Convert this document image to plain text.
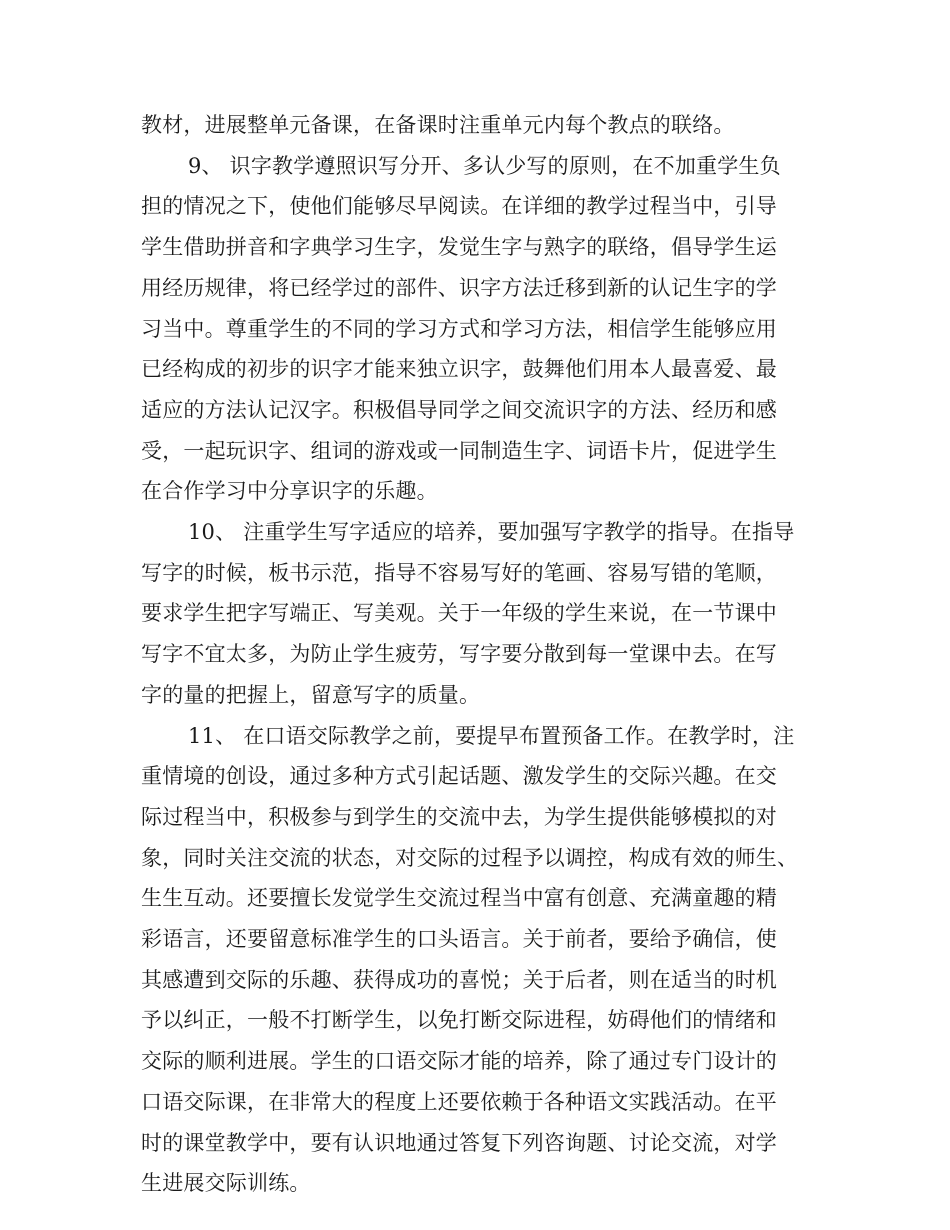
教材，进展整单元备课，在备课时注重单元内每个教点的联络。
9、 识字教学遵照识写分开、多认少写的原则，在不加重学生负
担的情况之下，使他们能够尽早阅读。在详细的教学过程当中，引导
学生借助拼音和字典学习生字，发觉生字与熟字的联络，倡导学生运
用经历规律，将已经学过的部件、识字方法迁移到新的认记生字的学
习当中。尊重学生的不同的学习方式和学习方法，相信学生能够应用
已经构成的初步的识字才能来独立识字，鼓舞他们用本人最喜爱、最
适应的方法认记汉字。积极倡导同学之间交流识字的方法、经历和感
受，一起玩识字、组词的游戏或一同制造生字、词语卡片，促进学生
在合作学习中分享识字的乐趣。
10、 注重学生写字适应的培养，要加强写字教学的指导。在指导
写字的时候，板书示范，指导不容易写好的笔画、容易写错的笔顺，
要求学生把字写端正、写美观。关于一年级的学生来说，在一节课中
写字不宜太多，为防止学生疲劳，写字要分散到每一堂课中去。在写
字的量的把握上，留意写字的质量。
11、 在口语交际教学之前，要提早布置预备工作。在教学时，注
重情境的创设，通过多种方式引起话题、激发学生的交际兴趣。在交
际过程当中，积极参与到学生的交流中去，为学生提供能够模拟的对
象，同时关注交流的状态，对交际的过程予以调控，构成有效的师生、
生生互动。还要擅长发觉学生交流过程当中富有创意、充满童趣的精
彩语言，还要留意标准学生的口头语言。关于前者，要给予确信，使
其感遭到交际的乐趣、获得成功的喜悦；关于后者，则在适当的时机
予以纠正，一般不打断学生，以免打断交际进程，妨碍他们的情绪和
交际的顺利进展。学生的口语交际才能的培养，除了通过专门设计的
口语交际课，在非常大的程度上还要依赖于各种语文实践活动。在平
时的课堂教学中，要有认识地通过答复下列咨询题、讨论交流，对学
生进展交际训练。
